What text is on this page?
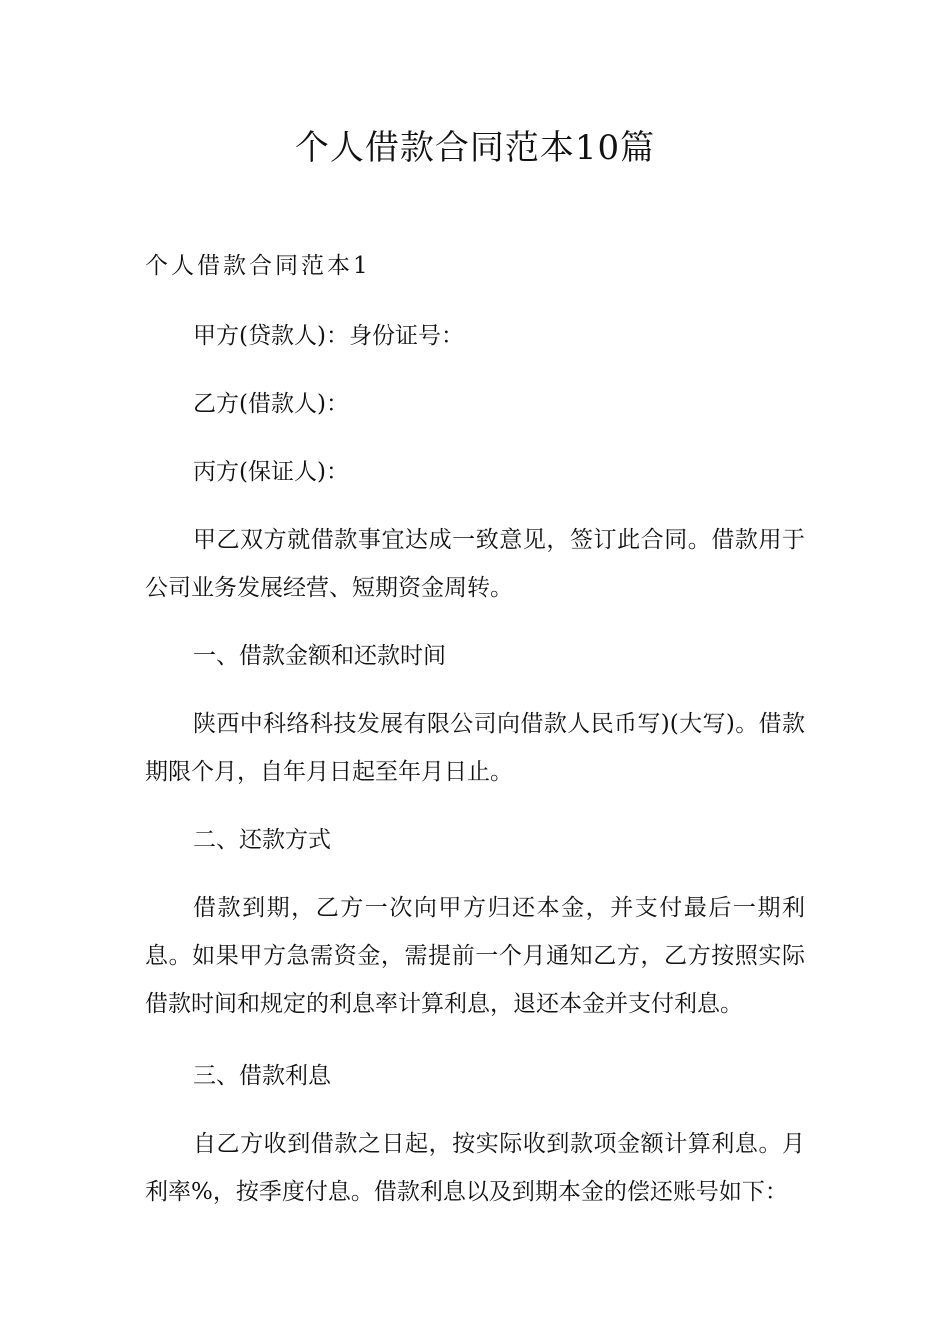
个人借款合同范本10篇
个人借款合同范本1

甲方(贷款人)：身份证号：

乙方(借款人)：

丙方(保证人)：

甲乙双方就借款事宜达成一致意见，签订此合同。借款用于公司业务发展经营、短期资金周转。

一、借款金额和还款时间

陕西中科络科技发展有限公司向借款人民币写)(大写)。借款期限个月，自年月日起至年月日止。

二、还款方式

借款到期，乙方一次向甲方归还本金，并支付最后一期利息。如果甲方急需资金，需提前一个月通知乙方，乙方按照实际借款时间和规定的利息率计算利息，退还本金并支付利息。

三、借款利息

自乙方收到借款之日起，按实际收到款项金额计算利息。月利率%，按季度付息。借款利息以及到期本金的偿还账号如下：
